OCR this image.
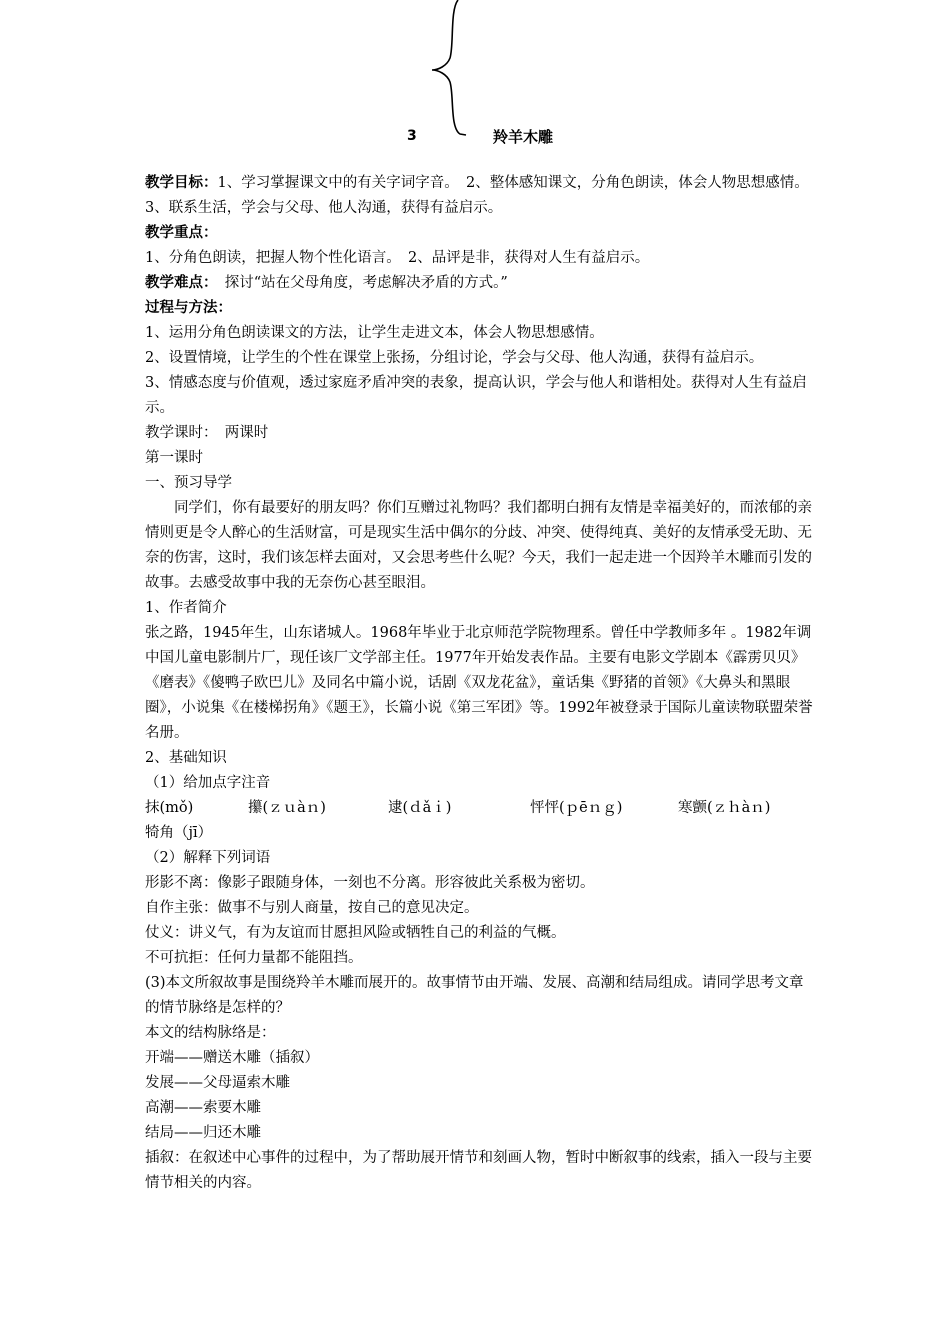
3	羚羊木雕

教学目标：1、学习掌握课文中的有关字词字音。　2、整体感知课文，分角色朗读，体会人物思想感情。

3、联系生活，学会与父母、他人沟通，获得有益启示。

教学重点：

1、分角色朗读，把握人物个性化语言。　2、品评是非，获得对人生有益启示。

教学难点：　探讨“站在父母角度，考虑解决矛盾的方式。”

过程与方法：

1、运用分角色朗读课文的方法，让学生走进文本，体会人物思想感情。

2、设置情境，让学生的个性在课堂上张扬，分组讨论，学会与父母、他人沟通，获得有益启示。

3、情感态度与价值观，透过家庭矛盾冲突的表象，提高认识，学会与他人和谐相处。获得对人生有益启示。

教学课时：　两课时

第一课时

一、预习导学

同学们，你有最要好的朋友吗？你们互赠过礼物吗？我们都明白拥有友情是幸福美好的，而浓郁的亲情则更是令人醉心的生活财富，可是现实生活中偶尔的分歧、冲突、使得纯真、美好的友情承受无助、无奈的伤害，这时，我们该怎样去面对，又会思考些什么呢？今天，我们一起走进一个因羚羊木雕而引发的故事。去感受故事中我的无奈伤心甚至眼泪。

1、作者简介

张之路，1945年生，山东诸城人。1968年毕业于北京师范学院物理系。曾任中学教师多年 。1982年调中国儿童电影制片厂，现任该厂文学部主任。1977年开始发表作品。主要有电影文学剧本《霹雳贝贝》《磨表》《傻鸭子欧巴儿》及同名中篇小说，话剧《双龙花盆》，童话集《野猪的首领》《大鼻头和黑眼圈》，小说集《在楼梯拐角》《题王》，长篇小说《第三军团》等。1992年被登录于国际儿童读物联盟荣誉名册。

2、基础知识

（1）给加点字注音

抹(mǒ)	攥(ｚｕàｎ)	逮(ｄǎｉ)	怦怦(ｐēｎｇ)	寒颤(ｚｈàｎ)

犄角（jī）

（2）解释下列词语

形影不离：像影子跟随身体，一刻也不分离。形容彼此关系极为密切。

自作主张：做事不与别人商量，按自己的意见决定。

仗义：讲义气，有为友谊而甘愿担风险或牺牲自己的利益的气概。

不可抗拒：任何力量都不能阻挡。

(3)本文所叙故事是围绕羚羊木雕而展开的。故事情节由开端、发展、高潮和结局组成。请同学思考文章的情节脉络是怎样的？

本文的结构脉络是：

开端——赠送木雕（插叙）

发展——父母逼索木雕

高潮——索要木雕

结局——归还木雕

插叙：在叙述中心事件的过程中，为了帮助展开情节和刻画人物，暂时中断叙事的线索，插入一段与主要情节相关的内容。
